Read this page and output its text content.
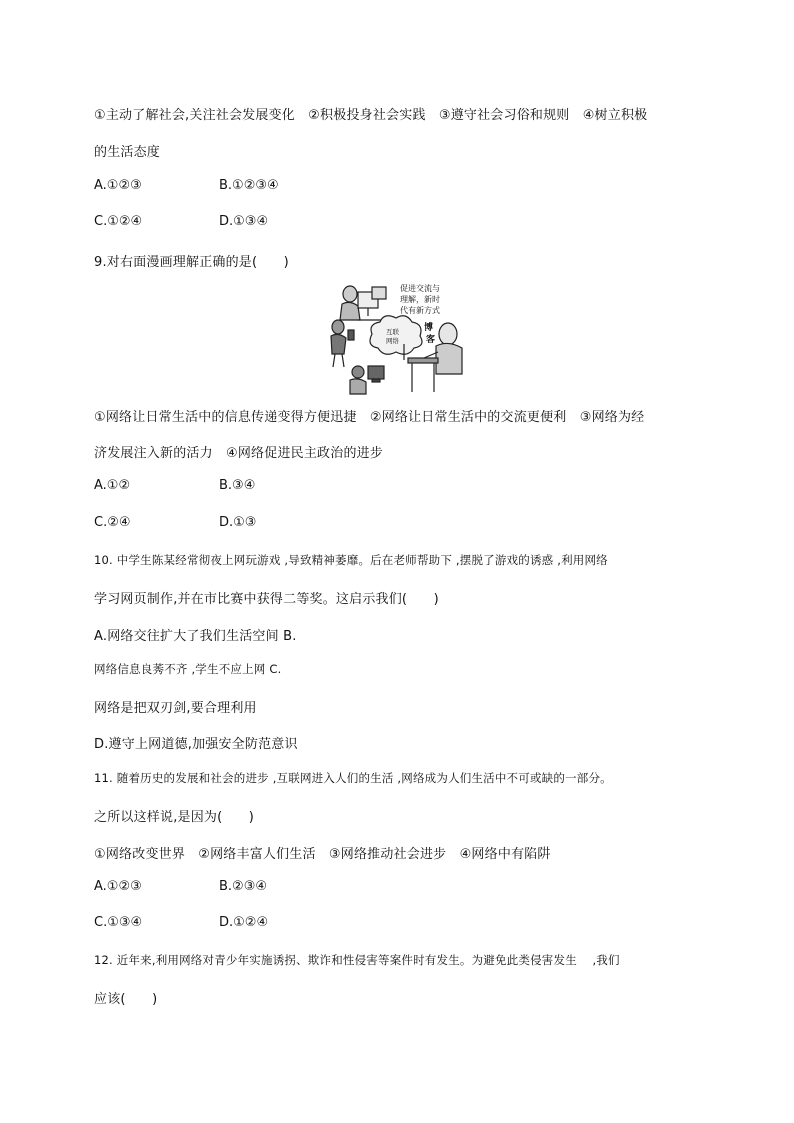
①主动了解社会,关注社会发展变化　②积极投身社会实践　③遵守社会习俗和规则　④树立积极
的生活态度
A.①②③	B.①②③④
C.①②④	D.①③④
9.对右面漫画理解正确的是(　　)
互联
网络
促进交流与
理解，新时
代有新方式
博
客
①网络让日常生活中的信息传递变得方便迅捷　②网络让日常生活中的交流更便利　③网络为经
济发展注入新的活力　④网络促进民主政治的进步
A.①②	B.③④
C.②④	D.①③
10. 中学生陈某经常彻夜上网玩游戏 ,导致精神萎靡。后在老师帮助下 ,摆脱了游戏的诱惑 ,利用网络
学习网页制作,并在市比赛中获得二等奖。这启示我们(　　)
A.网络交往扩大了我们生活空间 B.
网络信息良莠不齐 ,学生不应上网 C.
网络是把双刃剑,要合理利用
D.遵守上网道德,加强安全防范意识
11. 随着历史的发展和社会的进步 ,互联网进入人们的生活 ,网络成为人们生活中不可或缺的一部分。
之所以这样说,是因为(　　)
①网络改变世界　②网络丰富人们生活　③网络推动社会进步　④网络中有陷阱
A.①②③	B.②③④
C.①③④	D.①②④
12. 近年来,利用网络对青少年实施诱拐、欺诈和性侵害等案件时有发生。为避免此类侵害发生　 ,我们
应该(　　)
